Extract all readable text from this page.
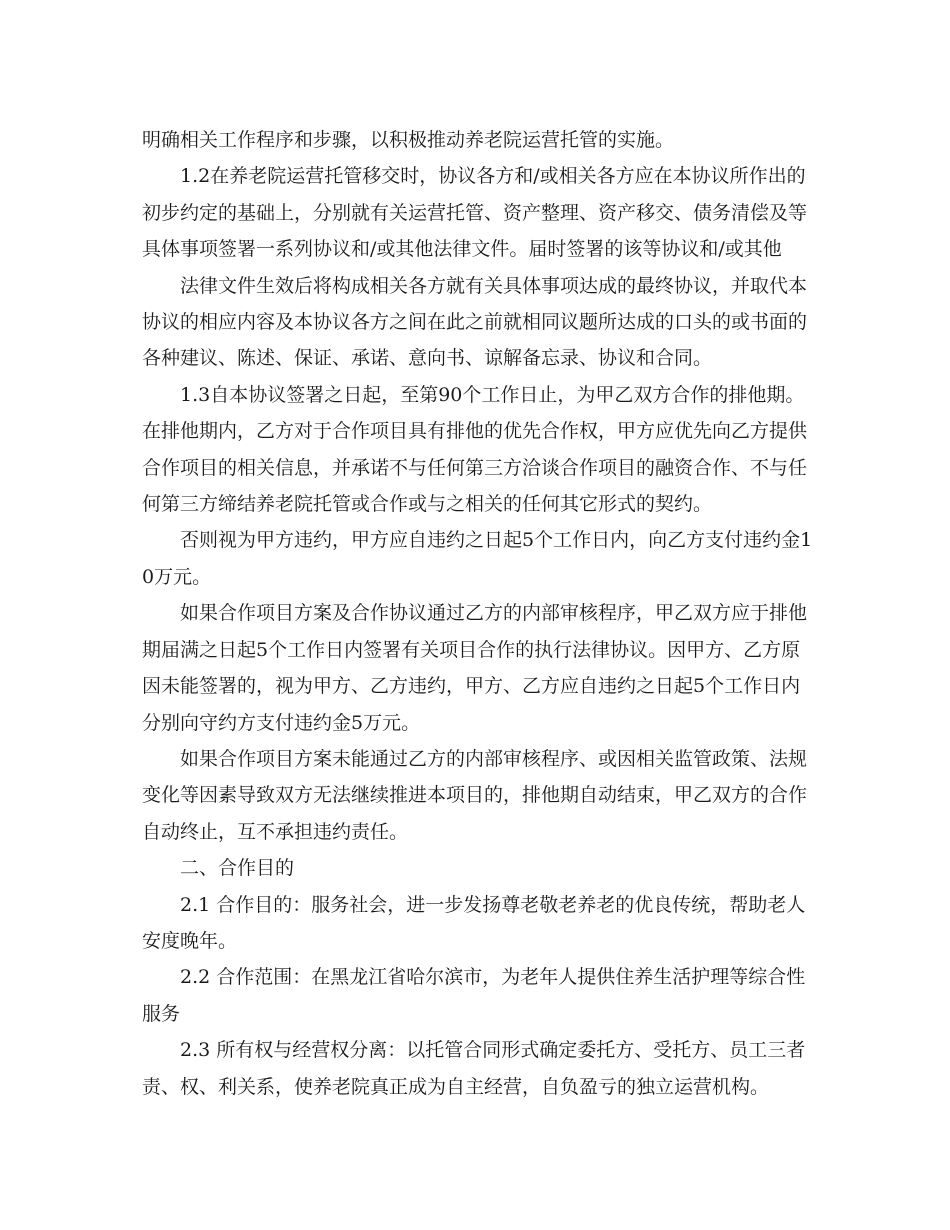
明确相关工作程序和步骤，以积极推动养老院运营托管的实施。

1.2在养老院运营托管移交时，协议各方和/或相关各方应在本协议所作出的初步约定的基础上，分别就有关运营托管、资产整理、资产移交、债务清偿及等具体事项签署一系列协议和/或其他法律文件。届时签署的该等协议和/或其他

法律文件生效后将构成相关各方就有关具体事项达成的最终协议，并取代本协议的相应内容及本协议各方之间在此之前就相同议题所达成的口头的或书面的各种建议、陈述、保证、承诺、意向书、谅解备忘录、协议和合同。

1.3自本协议签署之日起，至第90个工作日止，为甲乙双方合作的排他期。在排他期内，乙方对于合作项目具有排他的优先合作权，甲方应优先向乙方提供合作项目的相关信息，并承诺不与任何第三方洽谈合作项目的融资合作、不与任何第三方缔结养老院托管或合作或与之相关的任何其它形式的契约。

否则视为甲方违约，甲方应自违约之日起5个工作日内，向乙方支付违约金10万元。

如果合作项目方案及合作协议通过乙方的内部审核程序，甲乙双方应于排他期届满之日起5个工作日内签署有关项目合作的执行法律协议。因甲方、乙方原因未能签署的，视为甲方、乙方违约，甲方、乙方应自违约之日起5个工作日内分别向守约方支付违约金5万元。

如果合作项目方案未能通过乙方的内部审核程序、或因相关监管政策、法规变化等因素导致双方无法继续推进本项目的，排他期自动结束，甲乙双方的合作自动终止，互不承担违约责任。

二、合作目的

2.1 合作目的：服务社会，进一步发扬尊老敬老养老的优良传统，帮助老人安度晚年。

2.2 合作范围：在黑龙江省哈尔滨市，为老年人提供住养生活护理等综合性服务

2.3 所有权与经营权分离：以托管合同形式确定委托方、受托方、员工三者责、权、利关系，使养老院真正成为自主经营，自负盈亏的独立运营机构。
